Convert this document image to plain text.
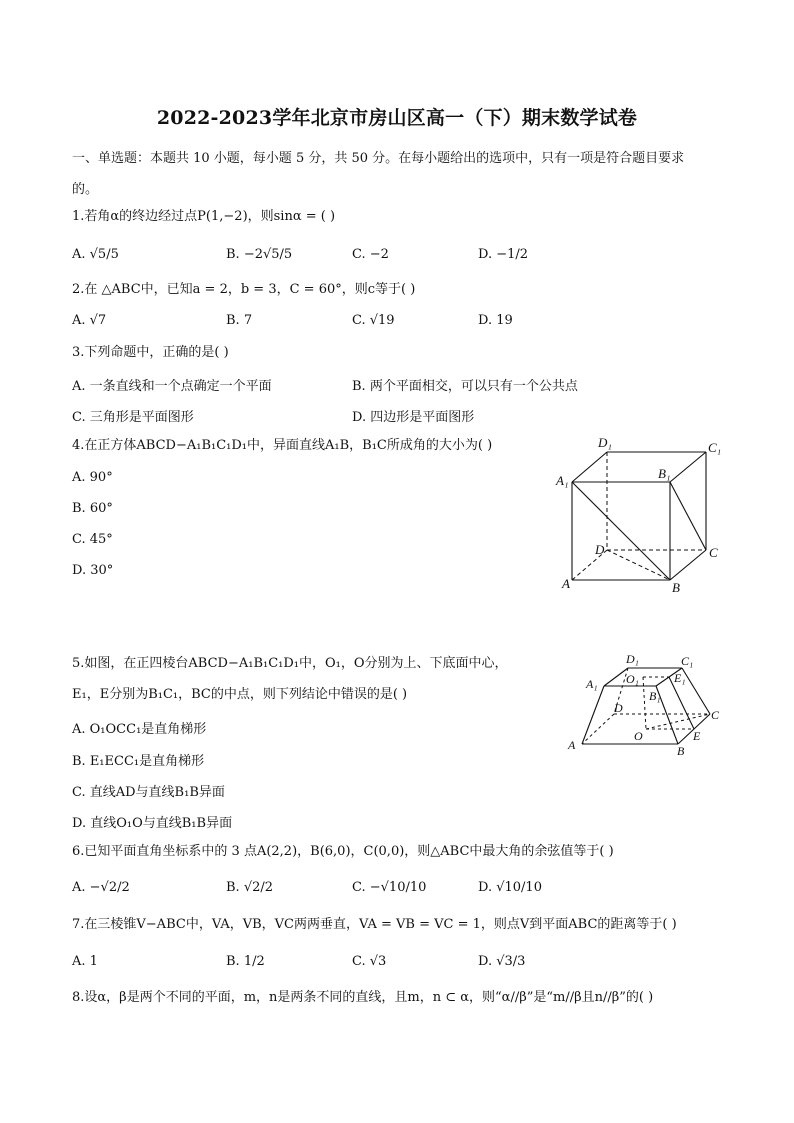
2022-2023学年北京市房山区高一（下）期末数学试卷
一、单选题：本题共 10 小题，每小题 5 分，共 50 分。在每小题给出的选项中，只有一项是符合题目要求
的。
1.若角α的终边经过点P(1,−2)，则sinα = ( )
A. √5/5	B. −2√5/5	C. −2	D. −1/2
2.在 △ABC中，已知a = 2，b = 3，C = 60°，则c等于( )
A. √7	B. 7	C. √19	D. 19
3.下列命题中，正确的是( )
A. 一条直线和一个点确定一个平面	B. 两个平面相交，可以只有一个公共点
C. 三角形是平面图形	D. 四边形是平面图形
4.在正方体ABCD−A₁B₁C₁D₁中，异面直线A₁B，B₁C所成角的大小为( )
A. 90°
B. 60°
C. 45°
D. 30°
D₁	C₁
A₁	B₁
D	C
A	B
5.如图，在正四棱台ABCD−A₁B₁C₁D₁中，O₁，O分别为上、下底面中心，
E₁，E分别为B₁C₁，BC的中点，则下列结论中错误的是( )
A. O₁OCC₁是直角梯形
B. E₁ECC₁是直角梯形
C. 直线AD与直线B₁B异面
D. 直线O₁O与直线B₁B异面
D₁	C₁
A₁ O₁	E₁
B₁
D	C
A
O	E
B
6.已知平面直角坐标系中的 3 点A(2,2)，B(6,0)，C(0,0)，则△ABC中最大角的余弦值等于( )
A. −√2/2	B. √2/2	C. −√10/10	D. √10/10
7.在三棱锥V−ABC中，VA，VB，VC两两垂直，VA = VB = VC = 1，则点V到平面ABC的距离等于( )
A. 1	B. 1/2	C. √3	D. √3/3
8.设α，β是两个不同的平面，m，n是两条不同的直线，且m，n ⊂ α，则“α//β”是“m//β且n//β”的( )
